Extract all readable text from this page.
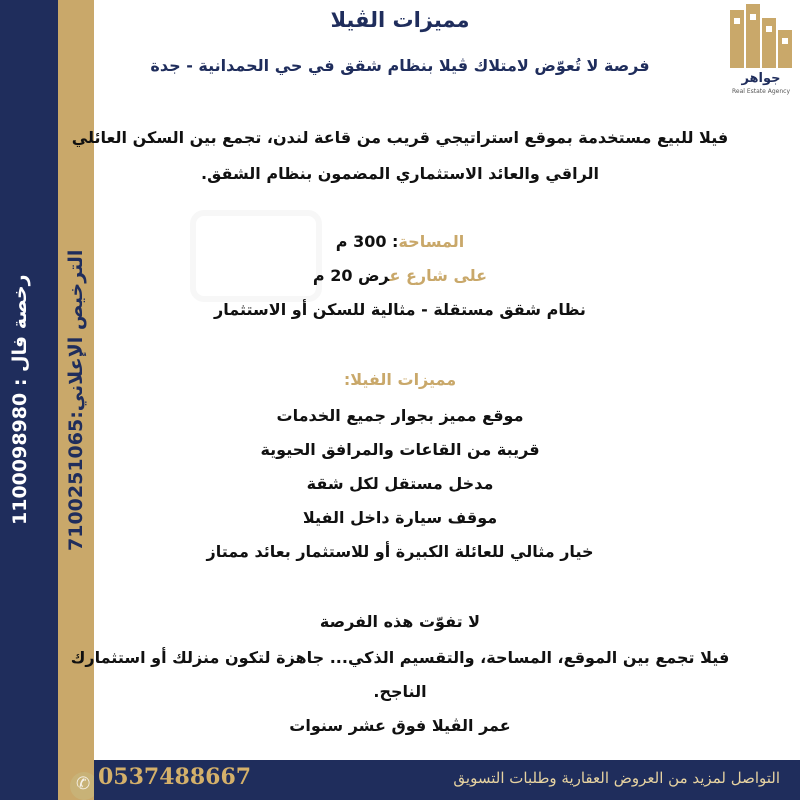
رخصة فال : 1100098980
الترخيص الإعلاني:7100251065
جواهر
Real Estate Agency
مميزات الڤيلا
فرصة لا تُعوّض لامتلاك ڤيلا بنظام شقق في حي الحمدانية - جدة
فيلا للبيع مستخدمة بموقع استراتيجي قريب من قاعة لندن، تجمع بين السكن العائلي
الراقي والعائد الاستثماري المضمون بنظام الشقق.
المساحة: 300 م
على شارع عرض 20 م
نظام شقق مستقلة - مثالية للسكن أو الاستثمار
مميزات الفيلا:
موقع مميز بجوار جميع الخدمات
قريبة من القاعات والمرافق الحيوية
مدخل مستقل لكل شقة
موقف سيارة داخل الفيلا
خيار مثالي للعائلة الكبيرة أو للاستثمار بعائد ممتاز
لا تفوّت هذه الفرصة
فيلا تجمع بين الموقع، المساحة، والتقسيم الذكي... جاهزة لتكون منزلك أو استثمارك
الناجح.
عمر الڤيلا فوق عشر سنوات
✆
0537488667	التواصل لمزيد من العروض العقارية وطلبات التسويق
